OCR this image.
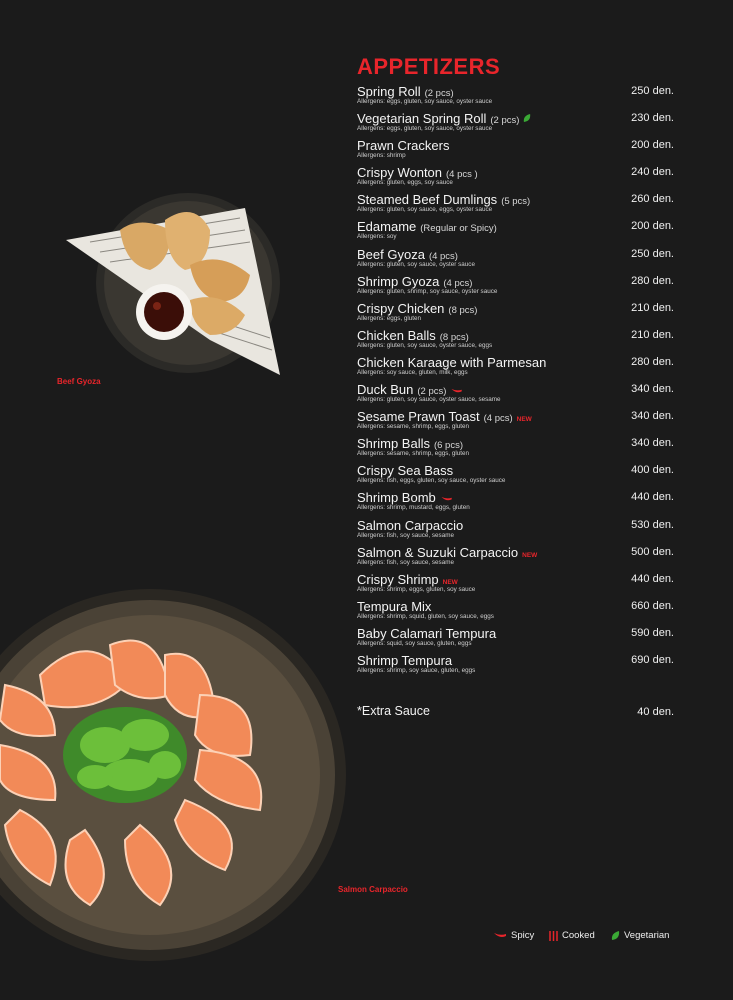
APPETIZERS
Spring Roll (2 pcs)	250 den.
Allergens: eggs, gluten, soy sauce, oyster sauce
Vegetarian Spring Roll (2 pcs)	230 den.
Allergens: eggs, gluten, soy sauce, oyster sauce
Prawn Crackers	200 den.
Allergens: shrimp
Crispy Wonton (4 pcs )	240 den.
Allergens: gluten, eggs, soy sauce
Steamed Beef Dumlings (5 pcs)	260 den.
Allergens: gluten, soy sauce, eggs, oyster sauce
Edamame (Regular or Spicy)	200 den.
Allergens: soy
Beef Gyoza (4 pcs)	250 den.
Allergens: gluten, soy sauce, oyster sauce
Shrimp Gyoza (4 pcs)	280 den.
Allergens: gluten, shrimp, soy sauce, oyster sauce
Crispy Chicken (8 pcs)	210 den.
Allergens: eggs, gluten
Chicken Balls (8 pcs)	210 den.
Allergens: gluten, soy sauce, oyster sauce, eggs
Chicken Karaage with Parmesan	280 den.
Allergens: soy sauce, gluten, milk, eggs
Duck Bun (2 pcs)	340 den.
Allergens: gluten, soy sauce, oyster sauce, sesame
Sesame Prawn Toast (4 pcs) NEW	340 den.
Allergens: sesame, shrimp, eggs, gluten
Shrimp Balls (6 pcs)	340 den.
Allergens: sesame, shrimp, eggs, gluten
Crispy Sea Bass	400 den.
Allergens: fish, eggs, gluten, soy sauce, oyster sauce
Shrimp Bomb	440 den.
Allergens: shrimp, mustard, eggs, gluten
Salmon Carpaccio	530 den.
Allergens: fish, soy sauce, sesame
Salmon & Suzuki Carpaccio NEW	500 den.
Allergens: fish, soy sauce, sesame
Crispy Shrimp NEW	440 den.
Allergens: shrimp, eggs, gluten, soy sauce
Tempura Mix	660 den.
Allergens: shrimp, squid, gluten, soy sauce, eggs
Baby Calamari Tempura	590 den.
Allergens: squid, soy sauce, gluten, eggs
Shrimp Tempura	690 den.
Allergens: shrimp, soy sauce, gluten, eggs
*Extra Sauce	40 den.
Beef Gyoza
Salmon Carpaccio
Spicy	Cooked	Vegetarian
